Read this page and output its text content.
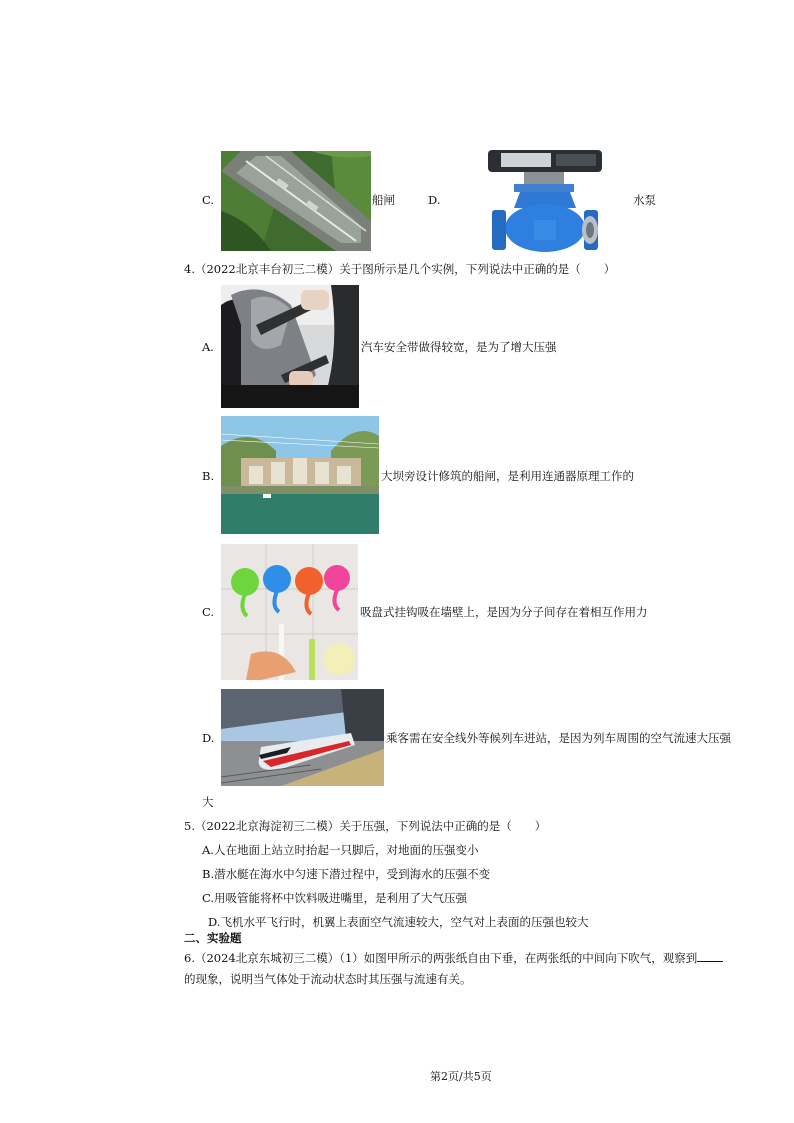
C.	船闸	D.	水泵
4.（2022北京丰台初三二模）关于图所示是几个实例，下列说法中正确的是（　　）
A.	汽车安全带做得较宽，是为了增大压强
B.	大坝旁设计修筑的船闸，是利用连通器原理工作的
C.	吸盘式挂钩吸在墙壁上，是因为分子间存在着相互作用力
D.	乘客需在安全线外等候列车进站，是因为列车周围的空气流速大压强
大
5.（2022北京海淀初三二模）关于压强，下列说法中正确的是（　　）
A.人在地面上站立时抬起一只脚后，对地面的压强变小
B.潜水艇在海水中匀速下潜过程中，受到海水的压强不变
C.用吸管能将杯中饮料吸进嘴里，是利用了大气压强
D.飞机水平飞行时，机翼上表面空气流速较大，空气对上表面的压强也较大
二、实验题
6.（2024北京东城初三二模）（1）如图甲所示的两张纸自由下垂，在两张纸的中间向下吹气，观察到
的现象，说明当气体处于流动状态时其压强与流速有关。
第2页/共5页
